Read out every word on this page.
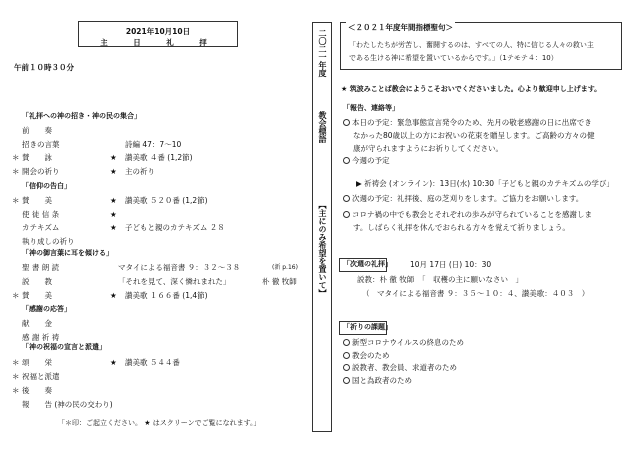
2021年10月10日
主　日　礼　拝
午前１０時３０分
「礼拝への神の招き・神の民の集合」
「信仰の告白」
「神の御言葉に耳を傾ける」
「感謝の応答」
「神の祝福の宣言と派遣」
前　　奏
招きの言葉	詩編 47：7〜10
＊ 賛　　詠	★ 讃美歌 ４番 (1,2節)
＊ 開会の祈り	★ 主の祈り
＊ 賛　　美	★ 讃美歌 ５２０番 (1,2節)
使 徒 信 条	★
カテキズム	★ 子どもと親のカテキズム ２８
執り成しの祈り
聖 書 朗 読	マタイによる福音書 ９：３２〜３８	(新 p.16)
説　　教	「それを見て、深く憐れまれた」	朴 徹 牧師
＊ 賛　　美	★ 讃美歌 １６６番 (1,4節)
献　　金
感 謝 祈 祷
＊ 頌　　栄	★ 讃美歌 ５４４番
＊ 祝福と派遣
＊ 後　　奏
報　　告 (神の民の交わり)
「＊印：ご起立ください。 ★ はスクリーンでご覧になれます。」
二〇二一年度
教会標語
【主にのみ希望を置いて】
＜２０２１年度年間指標聖句＞
「わたしたちが労苦し、奮闘するのは、すべての人、特に信じる人々の救い主
である生ける神に希望を置いているからです。」（1テモテ４：10）
★ 筑波みことば教会にようこそおいでくださいました。心より歓迎申し上げます。
「報告、連絡等」
本日の予定：緊急事態宣言発令のため、先月の敬老感謝の日に出席でき
なかった80歳以上の方にお祝いの花束を贈呈します。ご高齢の方々の健
康が守られますようにお祈りしてください。
今週の予定
次週の予定：礼拝後、庭の芝刈りをします。ご協力をお願いします。
コロナ禍の中でも教会とそれぞれの歩みが守られていることを感謝しま
す。しばらく礼拝を休んでおられる方々を覚えて祈りましょう。
▶ 祈祷会 (オンライン)：13日(水) 10:30「子どもと親のカテキズムの学び」
「次週の礼拝」 10月 17日 (日) 10：30
説教：朴 徹 牧師　「　収穫の主に願いなさい　」
（　マタイによる福音書 ９：３５〜１０：４、讃美歌：４０３　）
「祈りの課題」
新型コロナウイルスの終息のため
教会のため
説教者、教会員、求道者のため
国と為政者のため
